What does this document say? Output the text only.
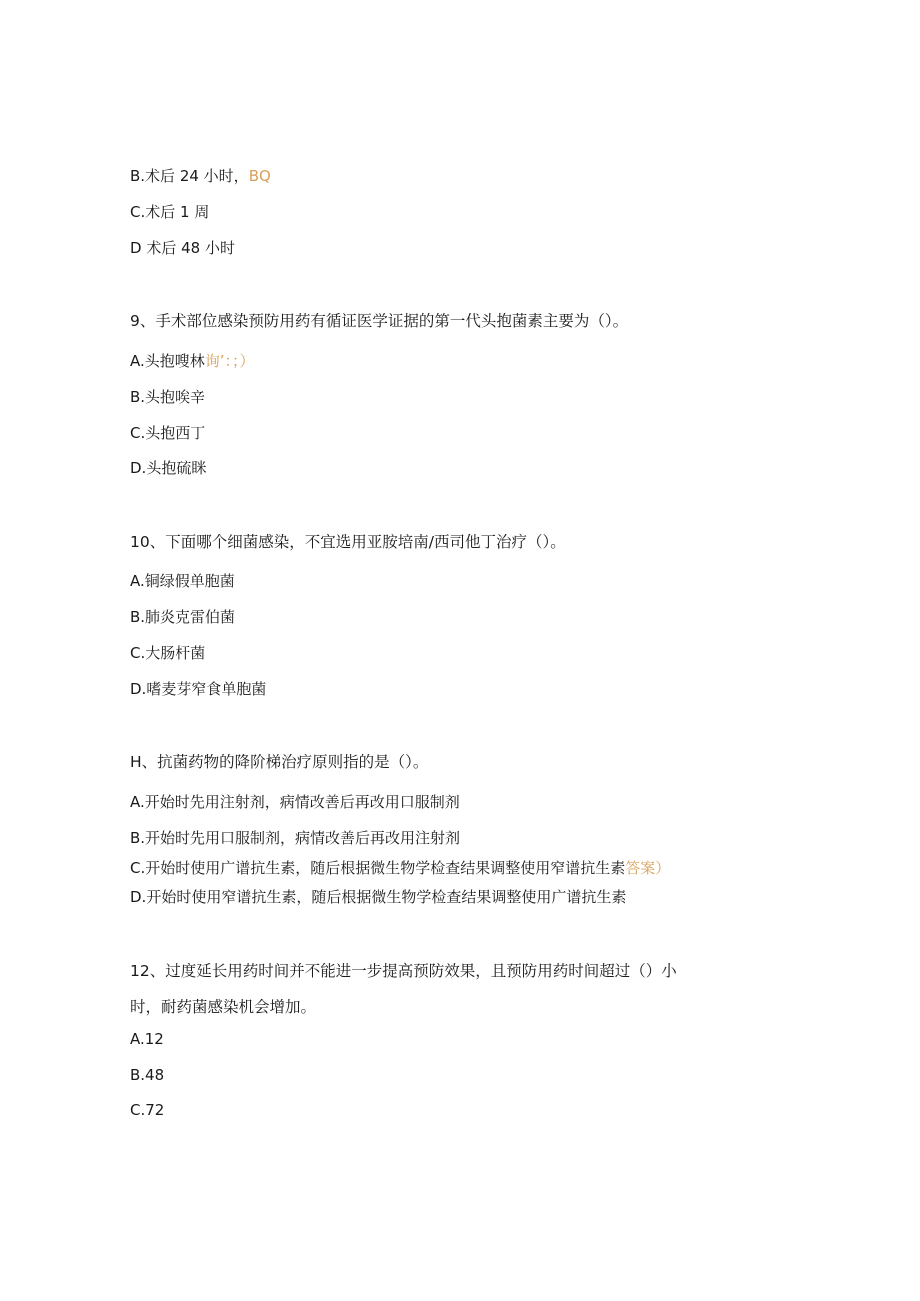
B.术后 24 小时，BQ
C.术后 1 周
D 术后 48 小时
9、手术部位感染预防用药有循证医学证据的第一代头抱菌素主要为（）。
A.头抱嗖林询’：；）
B.头抱唉辛
C.头抱西丁
D.头抱硫眯
10、下面哪个细菌感染，不宜选用亚胺培南/西司他丁治疗（）。
A.铜绿假单胞菌
B.肺炎克雷伯菌
C.大肠杆菌
D.嗜麦芽窄食单胞菌
H、抗菌药物的降阶梯治疗原则指的是（）。
A.开始时先用注射剂，病情改善后再改用口服制剂
B.开始时先用口服制剂，病情改善后再改用注射剂
C.开始时使用广谱抗生素，随后根据微生物学检查结果调整使用窄谱抗生素答案）
D.开始时使用窄谱抗生素，随后根据微生物学检查结果调整使用广谱抗生素
12、过度延长用药时间并不能进一步提高预防效果，且预防用药时间超过（）小
时，耐药菌感染机会增加。
A.12
B.48
C.72
